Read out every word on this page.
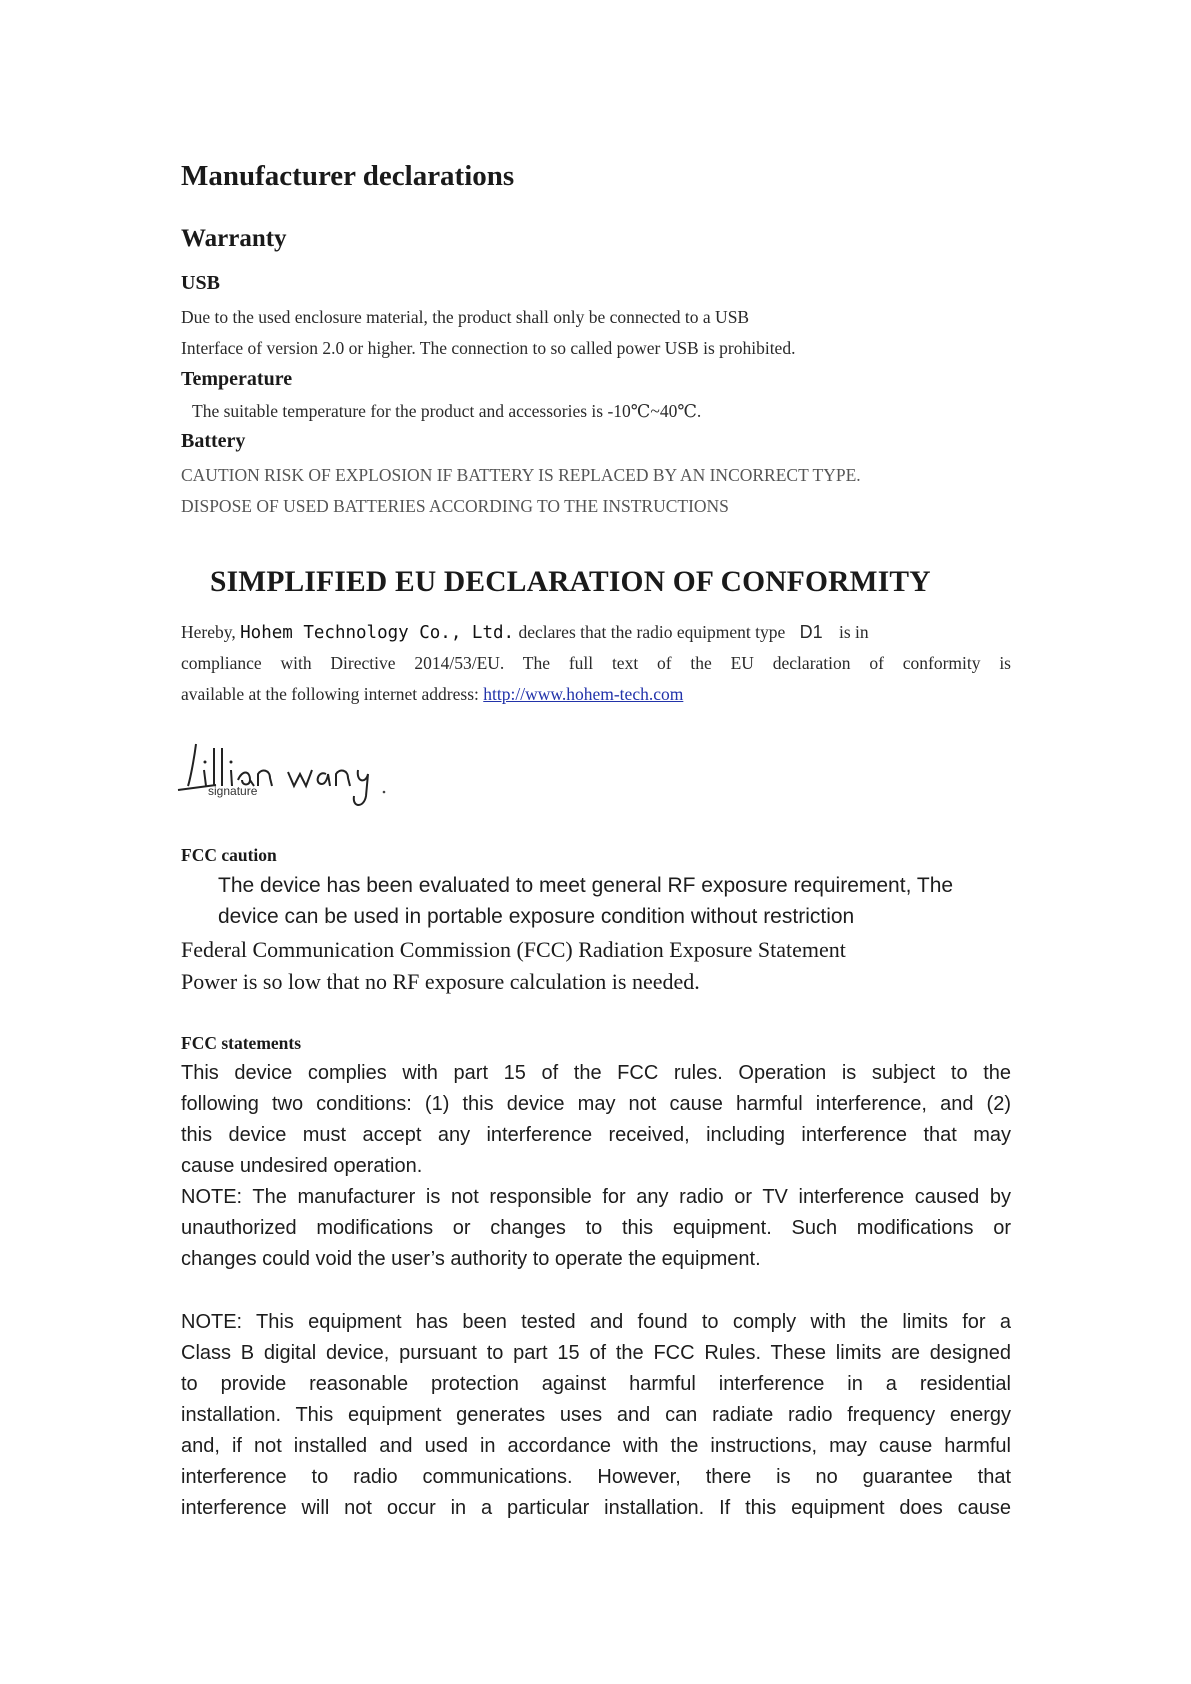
Manufacturer declarations
Warranty
USB

Due to the used enclosure material, the product shall only be connected to a USB

Interface of version 2.0 or higher. The connection to so called power USB is prohibited.

Temperature

The suitable temperature for the product and accessories is -10℃~40℃.

Battery

CAUTION RISK OF EXPLOSION IF BATTERY IS REPLACED BY AN INCORRECT TYPE.

DISPOSE OF USED BATTERIES ACCORDING TO THE INSTRUCTIONS

SIMPLIFIED EU DECLARATION OF CONFORMITY

Hereby, Hohem Technology Co., Ltd. declares that the radio equipment type D1 is in

compliance with Directive 2014/53/EU. The full text of the EU declaration of conformity is

available at the following internet address: http://www.hohem-tech.com

signature
FCC caution

The device has been evaluated to meet general RF exposure requirement, The

device can be used in portable exposure condition without restriction

Federal Communication Commission (FCC) Radiation Exposure Statement

Power is so low that no RF exposure calculation is needed.

FCC statements

This device complies with part 15 of the FCC rules. Operation is subject to the

following two conditions: (1) this device may not cause harmful interference, and (2)

this device must accept any interference received, including interference that may

cause undesired operation.

NOTE: The manufacturer is not responsible for any radio or TV interference caused by

unauthorized modifications or changes to this equipment. Such modifications or

changes could void the user’s authority to operate the equipment.

NOTE: This equipment has been tested and found to comply with the limits for a

Class B digital device, pursuant to part 15 of the FCC Rules. These limits are designed

to provide reasonable protection against harmful interference in a residential

installation. This equipment generates uses and can radiate radio frequency energy

and, if not installed and used in accordance with the instructions, may cause harmful

interference to radio communications. However, there is no guarantee that

interference will not occur in a particular installation. If this equipment does cause
